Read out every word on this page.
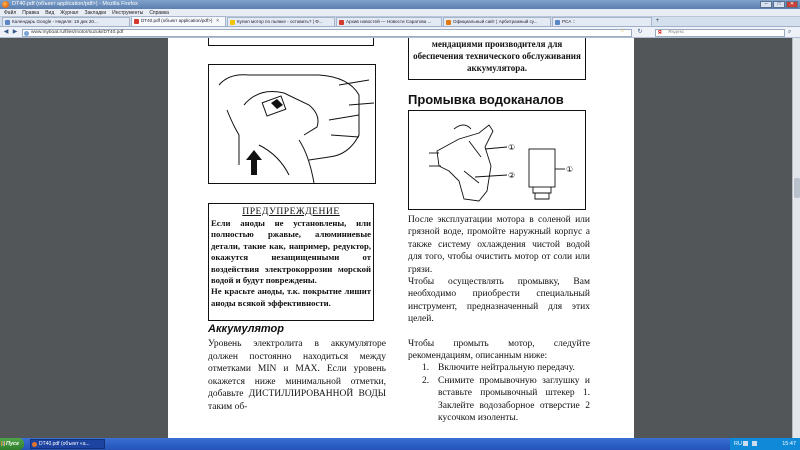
DT40.pdf (объект application/pdf>) - Mozilla Firefox	–	□	✕
Файл Правка Вид Журнал Закладки Инструменты Справка
Календарь Google - Неделя: 19 дек 20...	DT40.pdf (объект application/pdf>) ✕	Купил мотор по пьянке - оставить? | Ф...	Архив новостей — Новости Саратова ...	Официальный сайт | Арбитражный су...	РСА ::	+
◀ ▶	www.myboat.ru/files/motor/suzuki/DT40.pdf	☆ ↻	Я Яндекс	⌕
ПРЕДУПРЕЖДЕНИЕ

Если аноды не установлены, или полностью ржавые, алюминиевые детали, такие как, например, редуктор, окажутся незащищенными от воздействия электрокоррозии морской водой и будут повреждены.

Не красьте аноды, т.к. покрытие лишит аноды всякой эффективности.

Аккумулятор
Уровень электролита в аккумуляторе должен постоянно находиться между отметками MIN и MAX. Если уровень окажется ниже минимальной отметки, добавьте ДИСТИЛЛИРОВАННОЙ ВОДЫ таким об-

мендациями производителя для обеспечения технического обслуживания аккумулятора.

Промывка водоканалов
①
②
①
После эксплуатации мотора в соленой или грязной воде, промойте наружный корпус а также систему охлаждения чистой водой для того, чтобы очистить мотор от соли или грязи.
Чтобы осуществлять промывку, Вам необходимо приобрести специальный инструмент, предназначенный для этих целей.
Чтобы промыть мотор, следуйте рекомендациям, описанным ниже:
1. Включите нейтральную передачу.
2. Снимите промывочную заглушку и вставьте промывочный штекер 1. Заклейте водозаборное отверстие 2 кусочком изоленты.
Пуск	DT40.pdf (объект «а...	RU	15:47
